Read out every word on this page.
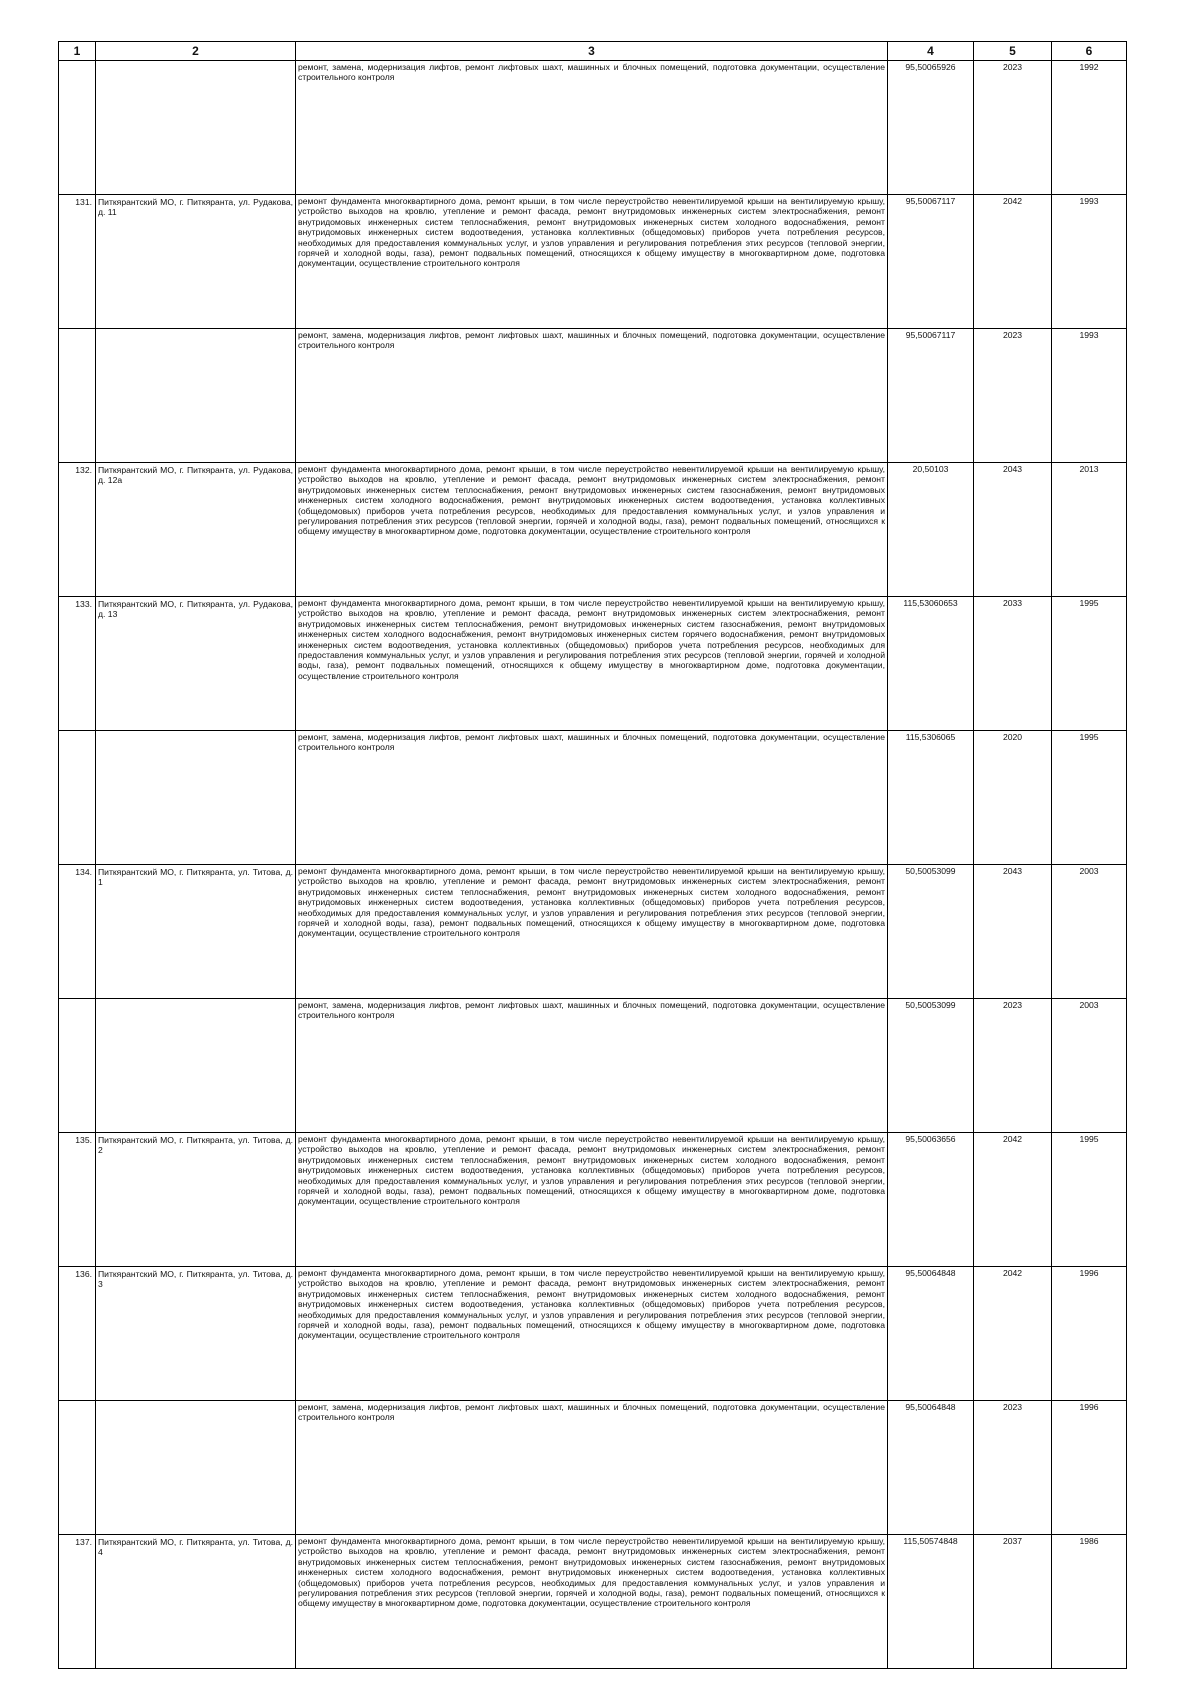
1	2	3	4	5	6
		ремонт, замена, модернизация лифтов, ремонт лифтовых шахт, машинных и блочных помещений, подготовка документации, осуществление строительного контроля	95,50065926	2023	1992
131.	Питкярантский МО, г. Питкяранта, ул. Рудакова, д. 11	ремонт фундамента многоквартирного дома, ремонт крыши, в том числе переустройство невентилируемой крыши на вентилируемую крышу, устройство выходов на кровлю, утепление и ремонт фасада, ремонт внутридомовых инженерных систем электроснабжения, ремонт внутридомовых инженерных систем теплоснабжения, ремонт внутридомовых инженерных систем холодного водоснабжения, ремонт внутридомовых инженерных систем водоотведения, установка коллективных (общедомовых) приборов учета потребления ресурсов, необходимых для предоставления коммунальных услуг, и узлов управления и регулирования потребления этих ресурсов (тепловой энергии, горячей и холодной воды, газа), ремонт подвальных помещений, относящихся к общему имуществу в многоквартирном доме, подготовка документации, осуществление строительного контроля	95,50067117	2042	1993
		ремонт, замена, модернизация лифтов, ремонт лифтовых шахт, машинных и блочных помещений, подготовка документации, осуществление строительного контроля	95,50067117	2023	1993
132.	Питкярантский МО, г. Питкяранта, ул. Рудакова, д. 12а	ремонт фундамента многоквартирного дома, ремонт крыши, в том числе переустройство невентилируемой крыши на вентилируемую крышу, устройство выходов на кровлю, утепление и ремонт фасада, ремонт внутридомовых инженерных систем электроснабжения, ремонт внутридомовых инженерных систем теплоснабжения, ремонт внутридомовых инженерных систем газоснабжения, ремонт внутридомовых инженерных систем холодного водоснабжения, ремонт внутридомовых инженерных систем водоотведения, установка коллективных (общедомовых) приборов учета потребления ресурсов, необходимых для предоставления коммунальных услуг, и узлов управления и регулирования потребления этих ресурсов (тепловой энергии, горячей и холодной воды, газа), ремонт подвальных помещений, относящихся к общему имуществу в многоквартирном доме, подготовка документации, осуществление строительного контроля	20,50103	2043	2013
133.	Питкярантский МО, г. Питкяранта, ул. Рудакова, д. 13	ремонт фундамента многоквартирного дома, ремонт крыши, в том числе переустройство невентилируемой крыши на вентилируемую крышу, устройство выходов на кровлю, утепление и ремонт фасада, ремонт внутридомовых инженерных систем электроснабжения, ремонт внутридомовых инженерных систем теплоснабжения, ремонт внутридомовых инженерных систем газоснабжения, ремонт внутридомовых инженерных систем холодного водоснабжения, ремонт внутридомовых инженерных систем горячего водоснабжения, ремонт внутридомовых инженерных систем водоотведения, установка коллективных (общедомовых) приборов учета потребления ресурсов, необходимых для предоставления коммунальных услуг, и узлов управления и регулирования потребления этих ресурсов (тепловой энергии, горячей и холодной воды, газа), ремонт подвальных помещений, относящихся к общему имуществу в многоквартирном доме, подготовка документации, осуществление строительного контроля	115,53060653	2033	1995
		ремонт, замена, модернизация лифтов, ремонт лифтовых шахт, машинных и блочных помещений, подготовка документации, осуществление строительного контроля	115,5306065	2020	1995
134.	Питкярантский МО, г. Питкяранта, ул. Титова, д. 1	ремонт фундамента многоквартирного дома, ремонт крыши, в том числе переустройство невентилируемой крыши на вентилируемую крышу, устройство выходов на кровлю, утепление и ремонт фасада, ремонт внутридомовых инженерных систем электроснабжения, ремонт внутридомовых инженерных систем теплоснабжения, ремонт внутридомовых инженерных систем холодного водоснабжения, ремонт внутридомовых инженерных систем водоотведения, установка коллективных (общедомовых) приборов учета потребления ресурсов, необходимых для предоставления коммунальных услуг, и узлов управления и регулирования потребления этих ресурсов (тепловой энергии, горячей и холодной воды, газа), ремонт подвальных помещений, относящихся к общему имуществу в многоквартирном доме, подготовка документации, осуществление строительного контроля	50,50053099	2043	2003
		ремонт, замена, модернизация лифтов, ремонт лифтовых шахт, машинных и блочных помещений, подготовка документации, осуществление строительного контроля	50,50053099	2023	2003
135.	Питкярантский МО, г. Питкяранта, ул. Титова, д. 2	ремонт фундамента многоквартирного дома, ремонт крыши, в том числе переустройство невентилируемой крыши на вентилируемую крышу, устройство выходов на кровлю, утепление и ремонт фасада, ремонт внутридомовых инженерных систем электроснабжения, ремонт внутридомовых инженерных систем теплоснабжения, ремонт внутридомовых инженерных систем холодного водоснабжения, ремонт внутридомовых инженерных систем водоотведения, установка коллективных (общедомовых) приборов учета потребления ресурсов, необходимых для предоставления коммунальных услуг, и узлов управления и регулирования потребления этих ресурсов (тепловой энергии, горячей и холодной воды, газа), ремонт подвальных помещений, относящихся к общему имуществу в многоквартирном доме, подготовка документации, осуществление строительного контроля	95,50063656	2042	1995
136.	Питкярантский МО, г. Питкяранта, ул. Титова, д. 3	ремонт фундамента многоквартирного дома, ремонт крыши, в том числе переустройство невентилируемой крыши на вентилируемую крышу, устройство выходов на кровлю, утепление и ремонт фасада, ремонт внутридомовых инженерных систем электроснабжения, ремонт внутридомовых инженерных систем теплоснабжения, ремонт внутридомовых инженерных систем холодного водоснабжения, ремонт внутридомовых инженерных систем водоотведения, установка коллективных (общедомовых) приборов учета потребления ресурсов, необходимых для предоставления коммунальных услуг, и узлов управления и регулирования потребления этих ресурсов (тепловой энергии, горячей и холодной воды, газа), ремонт подвальных помещений, относящихся к общему имуществу в многоквартирном доме, подготовка документации, осуществление строительного контроля	95,50064848	2042	1996
		ремонт, замена, модернизация лифтов, ремонт лифтовых шахт, машинных и блочных помещений, подготовка документации, осуществление строительного контроля	95,50064848	2023	1996
137.	Питкярантский МО, г. Питкяранта, ул. Титова, д. 4	ремонт фундамента многоквартирного дома, ремонт крыши, в том числе переустройство невентилируемой крыши на вентилируемую крышу, устройство выходов на кровлю, утепление и ремонт фасада, ремонт внутридомовых инженерных систем электроснабжения, ремонт внутридомовых инженерных систем теплоснабжения, ремонт внутридомовых инженерных систем газоснабжения, ремонт внутридомовых инженерных систем холодного водоснабжения, ремонт внутридомовых инженерных систем водоотведения, установка коллективных (общедомовых) приборов учета потребления ресурсов, необходимых для предоставления коммунальных услуг, и узлов управления и регулирования потребления этих ресурсов (тепловой энергии, горячей и холодной воды, газа), ремонт подвальных помещений, относящихся к общему имуществу в многоквартирном доме, подготовка документации, осуществление строительного контроля	115,50574848	2037	1986
